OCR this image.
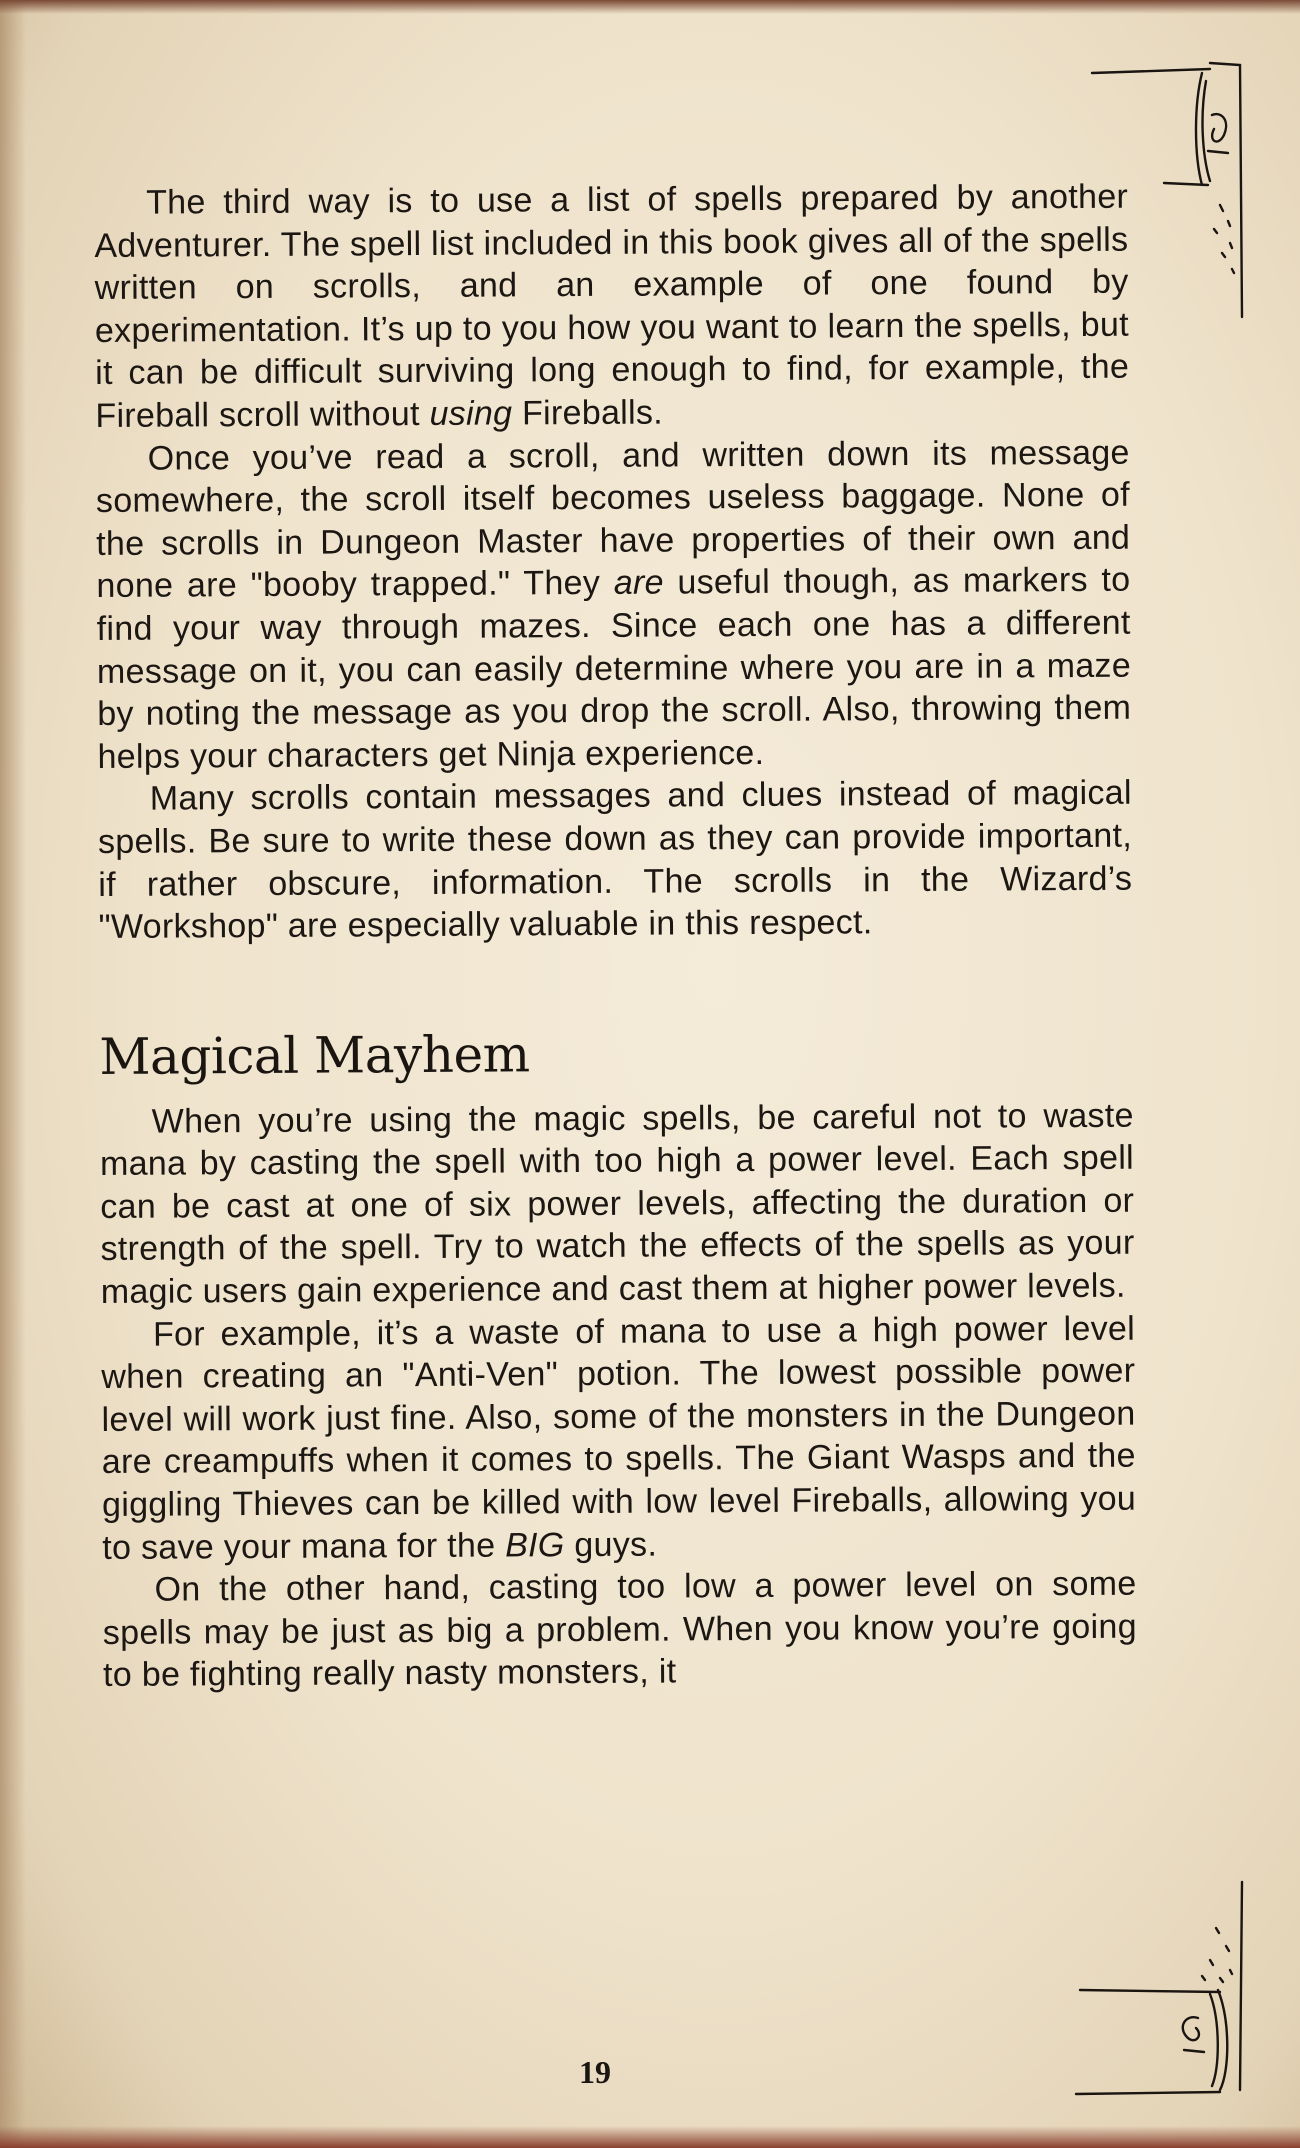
The third way is to use a list of spells prepared by another Adventurer. The spell list included in this book gives all of the spells written on scrolls, and an example of one found by experimentation. It’s up to you how you want to learn the spells, but it can be difficult surviving long enough to find, for example, the Fireball scroll without using Fireballs.

Once you’ve read a scroll, and written down its message somewhere, the scroll itself becomes useless baggage. None of the scrolls in Dungeon Master have properties of their own and none are "booby trapped." They are useful though, as markers to find your way through mazes. Since each one has a different message on it, you can easily determine where you are in a maze by noting the message as you drop the scroll. Also, throwing them helps your characters get Ninja experience.

Many scrolls contain messages and clues instead of magical spells. Be sure to write these down as they can provide important, if rather obscure, information. The scrolls in the Wizard’s "Workshop" are especially valuable in this respect.

Magical Mayhem

When you’re using the magic spells, be careful not to waste mana by casting the spell with too high a power level. Each spell can be cast at one of six power levels, affecting the duration or strength of the spell. Try to watch the effects of the spells as your magic users gain experience and cast them at higher power levels.

For example, it’s a waste of mana to use a high power level when creating an "Anti-Ven" potion. The lowest possible power level will work just fine. Also, some of the monsters in the Dungeon are creampuffs when it comes to spells. The Giant Wasps and the giggling Thieves can be killed with low level Fireballs, allowing you to save your mana for the BIG guys.

On the other hand, casting too low a power level on some spells may be just as big a problem. When you know you’re going to be fighting really nasty monsters, it

19
